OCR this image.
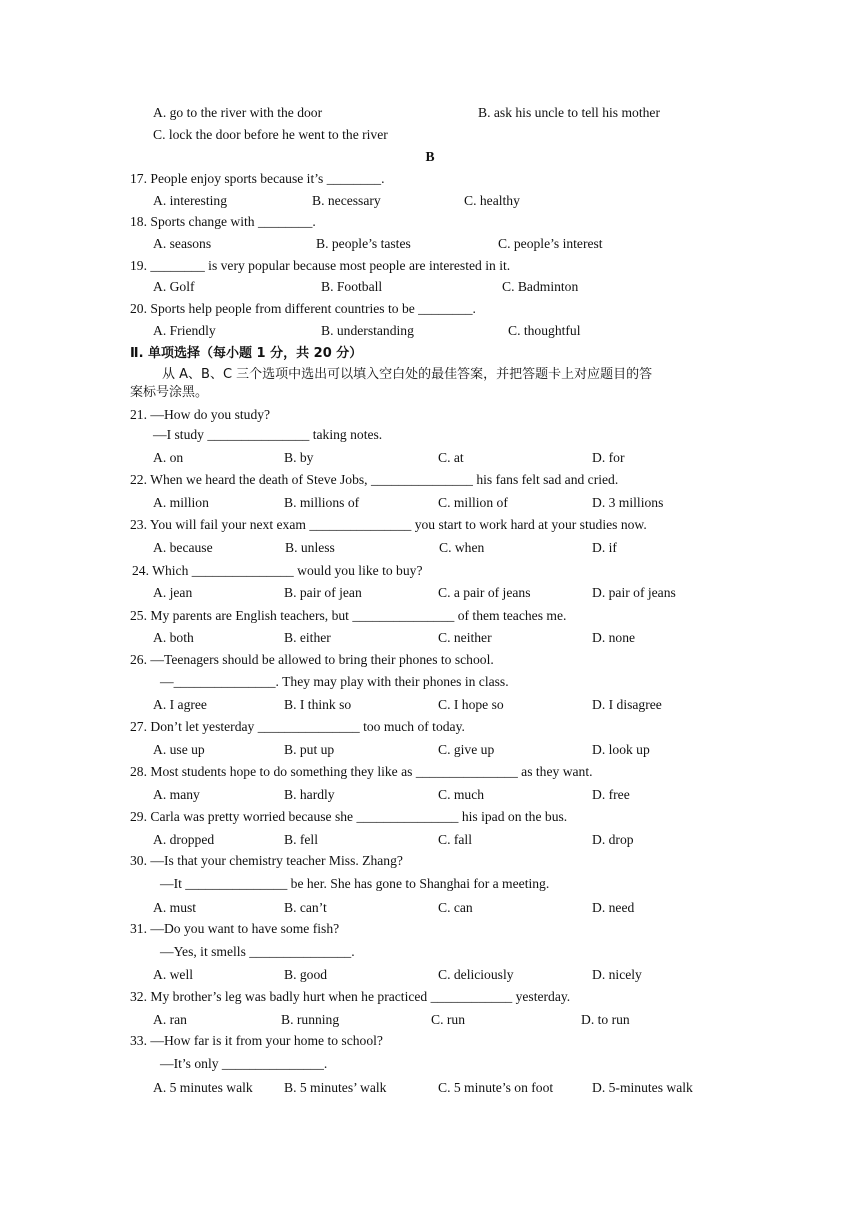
A. go to the river with the door	B. ask his uncle to tell his mother
C. lock the door before he went to the river
B
17. People enjoy sports because it’s ________.
A. interesting	B. necessary	C. healthy
18. Sports change with ________.
A. seasons	B. people’s tastes	C. people’s interest
19. ________ is very popular because most people are interested in it.
A. Golf	B. Football	C. Badminton
20. Sports help people from different countries to be ________.
A. Friendly	B. understanding	C. thoughtful
Ⅱ. 单项选择（每小题 1 分，共 20 分）
从 A、B、C 三个选项中选出可以填入空白处的最佳答案，并把答题卡上对应题目的答
案标号涂黑。
21. —How do you study?
—I study _______________ taking notes.
A. on	B. by	C. at	D. for
22. When we heard the death of Steve Jobs, _______________ his fans felt sad and cried.
A. million	B. millions of	C. million of	D. 3 millions
23. You will fail your next exam _______________ you start to work hard at your studies now.
A. because	B. unless	C. when	D. if
24. Which _______________ would you like to buy?
A. jean	B. pair of jean	C. a pair of jeans	D. pair of jeans
25. My parents are English teachers, but _______________ of them teaches me.
A. both	B. either	C. neither	D. none
26. —Teenagers should be allowed to bring their phones to school.
—_______________. They may play with their phones in class.
A. I agree	B. I think so	C. I hope so	D. I disagree
27. Don’t let yesterday _______________ too much of today.
A. use up	B. put up	C. give up	D. look up
28. Most students hope to do something they like as _______________ as they want.
A. many	B. hardly	C. much	D. free
29. Carla was pretty worried because she _______________ his ipad on the bus.
A. dropped	B. fell	C. fall	D. drop
30. —Is that your chemistry teacher Miss. Zhang?
—It _______________ be her. She has gone to Shanghai for a meeting.
A. must	B. can’t	C. can	D. need
31. —Do you want to have some fish?
—Yes, it smells _______________.
A. well	B. good	C. deliciously	D. nicely
32. My brother’s leg was badly hurt when he practiced ____________ yesterday.
A. ran	B. running	C. run	D. to run
33. —How far is it from your home to school?
—It’s only _______________.
A. 5 minutes walk B. 5 minutes’ walk	C. 5 minute’s on foot	D. 5-minutes walk
